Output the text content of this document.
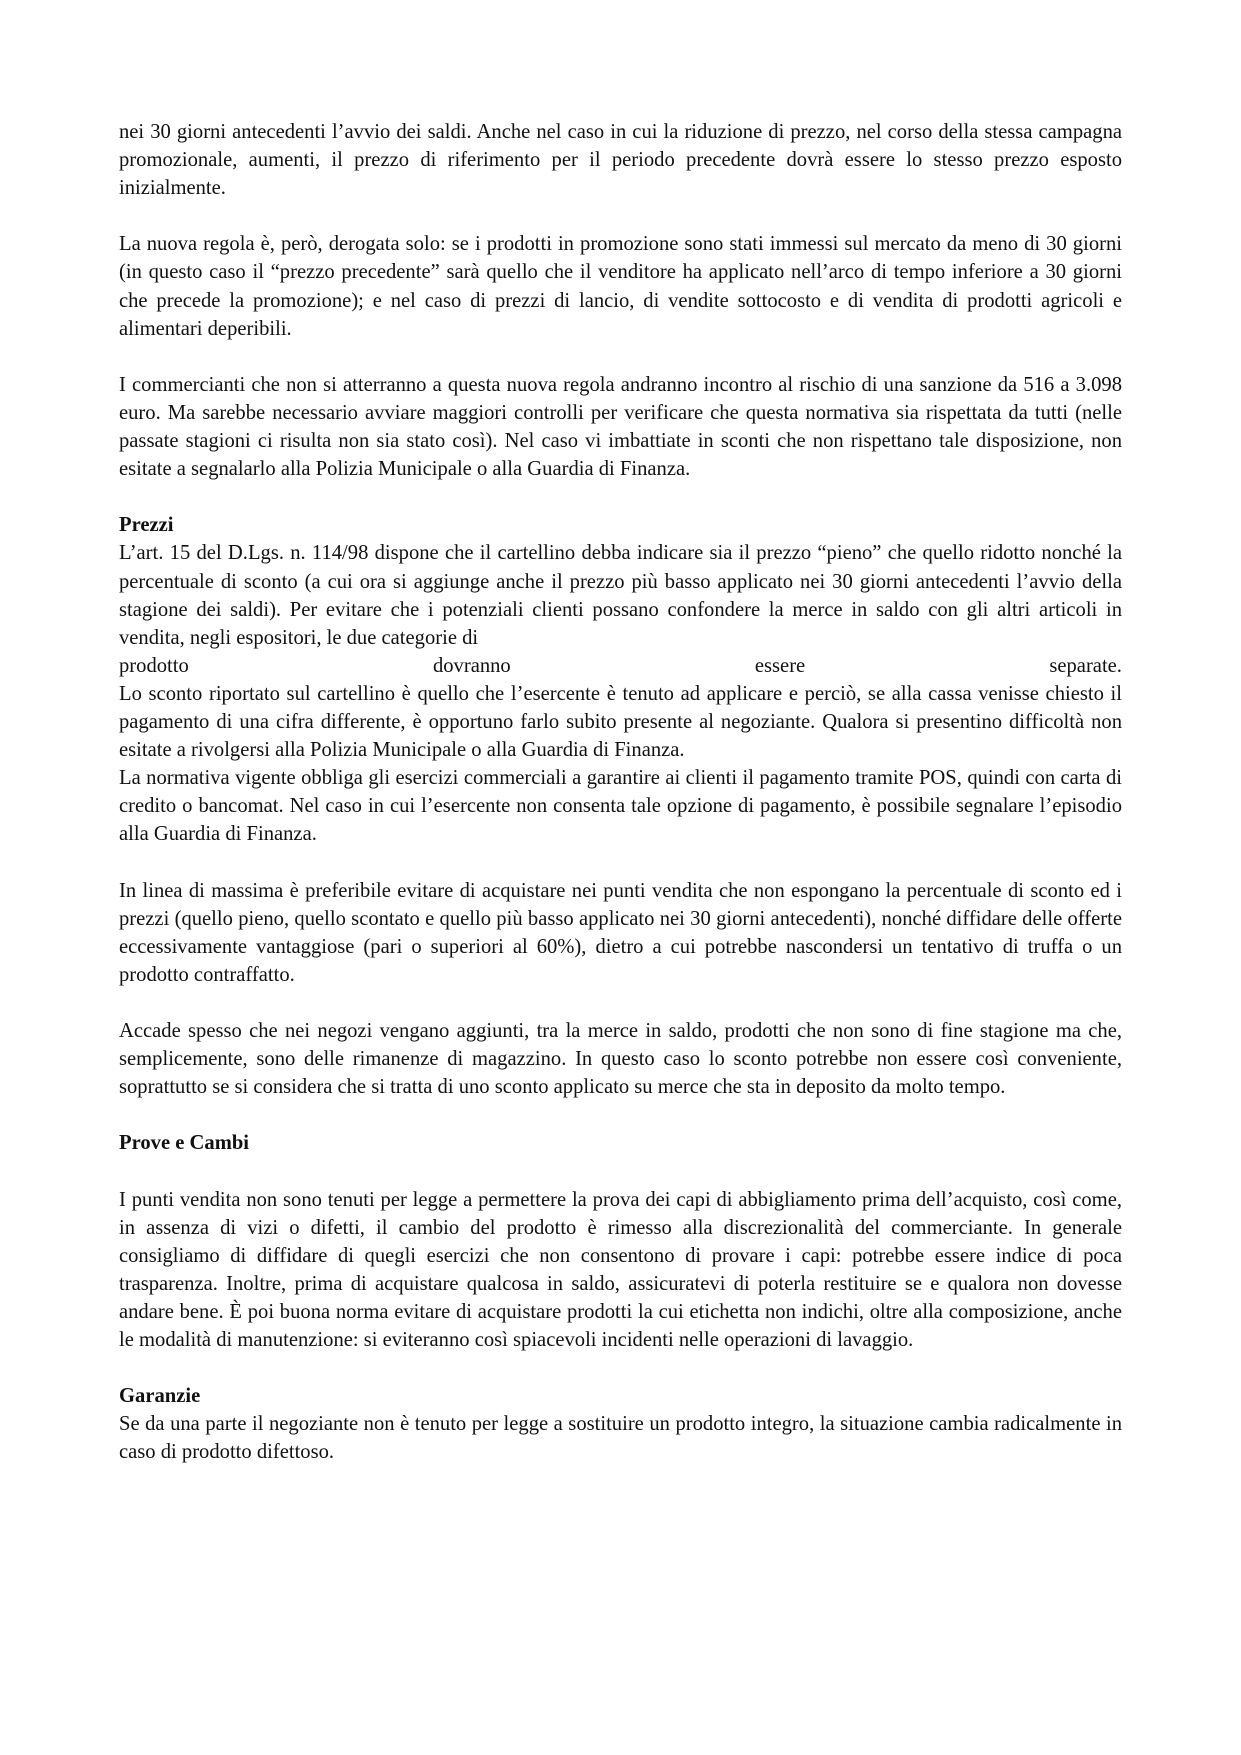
nei 30 giorni antecedenti l’avvio dei saldi. Anche nel caso in cui la riduzione di prezzo, nel corso della stessa campagna promozionale, aumenti, il prezzo di riferimento per il periodo precedente dovrà essere lo stesso prezzo esposto inizialmente.

La nuova regola è, però, derogata solo: se i prodotti in promozione sono stati immessi sul mercato da meno di 30 giorni (in questo caso il “prezzo precedente” sarà quello che il venditore ha applicato nell’arco di tempo inferiore a 30 giorni che precede la promozione); e nel caso di prezzi di lancio, di vendite sottocosto e di vendita di prodotti agricoli e alimentari deperibili.

I commercianti che non si atterranno a questa nuova regola andranno incontro al rischio di una sanzione da 516 a 3.098 euro. Ma sarebbe necessario avviare maggiori controlli per verificare che questa normativa sia rispettata da tutti (nelle passate stagioni ci risulta non sia stato così). Nel caso vi imbattiate in sconti che non rispettano tale disposizione, non esitate a segnalarlo alla Polizia Municipale o alla Guardia di Finanza.

Prezzi

L’art. 15 del D.Lgs. n. 114/98 dispone che il cartellino debba indicare sia il prezzo “pieno” che quello ridotto nonché la percentuale di sconto (a cui ora si aggiunge anche il prezzo più basso applicato nei 30 giorni antecedenti l’avvio della stagione dei saldi). Per evitare che i potenziali clienti possano confondere la merce in saldo con gli altri articoli in vendita, negli espositori, le due categorie di

prodotto	dovranno	essere	separate.

Lo sconto riportato sul cartellino è quello che l’esercente è tenuto ad applicare e perciò, se alla cassa venisse chiesto il pagamento di una cifra differente, è opportuno farlo subito presente al negoziante. Qualora si presentino difficoltà non esitate a rivolgersi alla Polizia Municipale o alla Guardia di Finanza.

La normativa vigente obbliga gli esercizi commerciali a garantire ai clienti il pagamento tramite POS, quindi con carta di credito o bancomat. Nel caso in cui l’esercente non consenta tale opzione di pagamento, è possibile segnalare l’episodio alla Guardia di Finanza.

In linea di massima è preferibile evitare di acquistare nei punti vendita che non espongano la percentuale di sconto ed i prezzi (quello pieno, quello scontato e quello più basso applicato nei 30 giorni antecedenti), nonché diffidare delle offerte eccessivamente vantaggiose (pari o superiori al 60%), dietro a cui potrebbe nascondersi un tentativo di truffa o un prodotto contraffatto.

Accade spesso che nei negozi vengano aggiunti, tra la merce in saldo, prodotti che non sono di fine stagione ma che, semplicemente, sono delle rimanenze di magazzino. In questo caso lo sconto potrebbe non essere così conveniente, soprattutto se si considera che si tratta di uno sconto applicato su merce che sta in deposito da molto tempo.

Prove e Cambi

I punti vendita non sono tenuti per legge a permettere la prova dei capi di abbigliamento prima dell’acquisto, così come, in assenza di vizi o difetti, il cambio del prodotto è rimesso alla discrezionalità del commerciante. In generale consigliamo di diffidare di quegli esercizi che non consentono di provare i capi: potrebbe essere indice di poca trasparenza. Inoltre, prima di acquistare qualcosa in saldo, assicuratevi di poterla restituire se e qualora non dovesse andare bene. È poi buona norma evitare di acquistare prodotti la cui etichetta non indichi, oltre alla composizione, anche le modalità di manutenzione: si eviteranno così spiacevoli incidenti nelle operazioni di lavaggio.

Garanzie

Se da una parte il negoziante non è tenuto per legge a sostituire un prodotto integro, la situazione cambia radicalmente in caso di prodotto difettoso.
